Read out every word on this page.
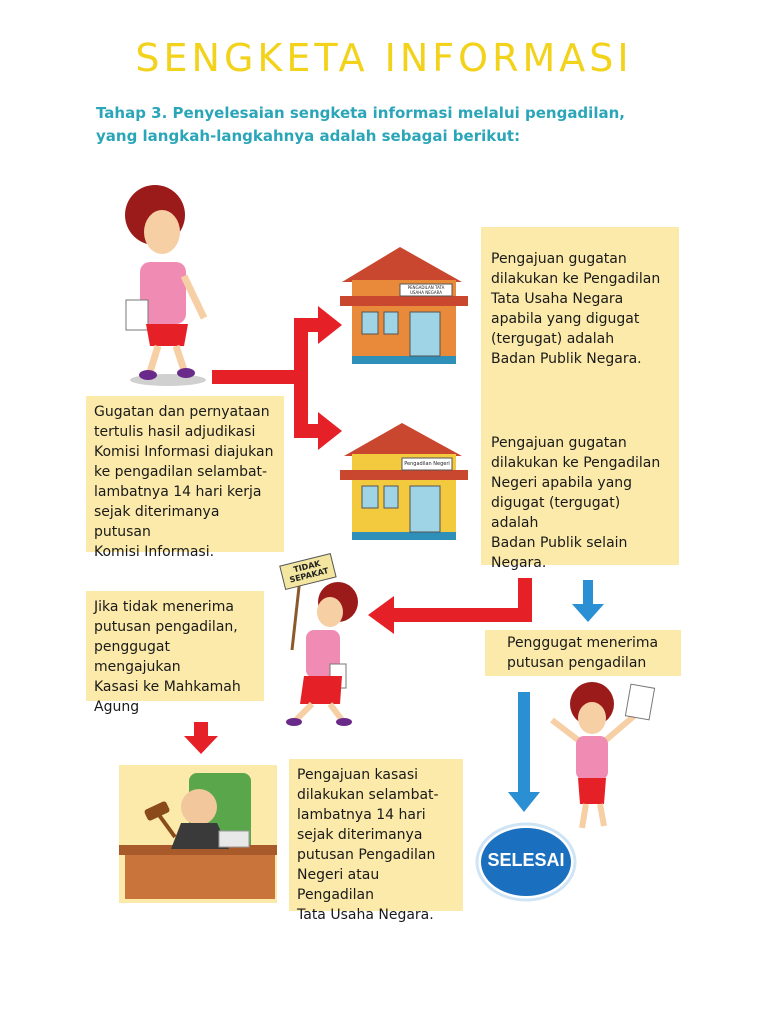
SENGKETA INFORMASI
Tahap 3. Penyelesaian sengketa informasi melalui pengadilan, yang langkah-langkahnya adalah sebagai berikut:
Gugatan dan pernyataan
tertulis hasil adjudikasi
Komisi Informasi diajukan
ke pengadilan selambat-
lambatnya 14 hari kerja
sejak diterimanya putusan
Komisi Informasi.
Pengajuan gugatan
dilakukan ke Pengadilan
Tata Usaha Negara
apabila yang digugat
(tergugat) adalah
Badan Publik Negara.
Pengajuan gugatan
dilakukan ke Pengadilan
Negeri apabila yang
digugat (tergugat) adalah
Badan Publik selain
Negara.
Jika tidak menerima
putusan pengadilan,
penggugat mengajukan
Kasasi ke Mahkamah
Agung
Penggugat menerima
putusan pengadilan
Pengajuan kasasi
dilakukan selambat-
lambatnya 14 hari
sejak diterimanya
putusan Pengadilan
Negeri atau Pengadilan
Tata Usaha Negara.
PENGADILAN TATA USAHA NEGARA
Pengadilan Negeri
TIDAK SEPAKAT
SELESAI
